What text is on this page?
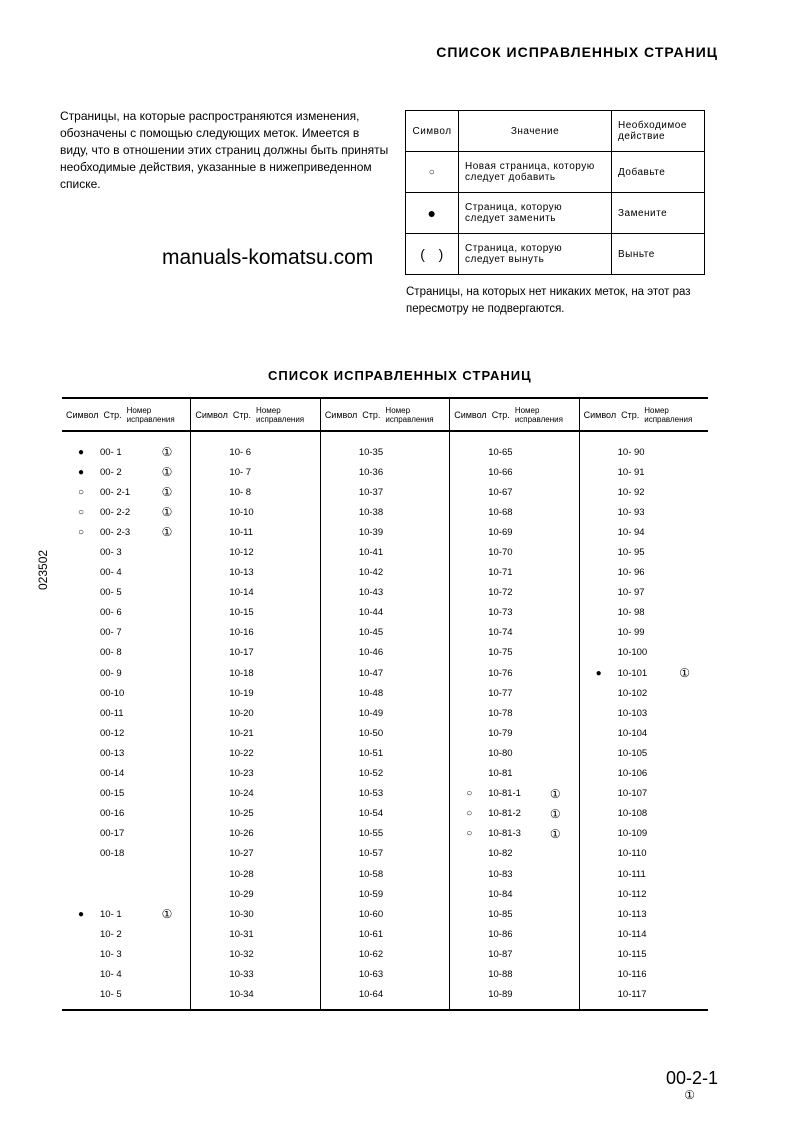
СПИСОК ИСПРАВЛЕННЫХ СТРАНИЦ
Страницы, на которые распространяются изменения, обозначены с помощью следующих меток. Имеется в виду, что в отношении этих страниц должны быть приняты необходимые действия, указанные в нижеприведенном списке.
Символ	Значение	Необходимое действие
○	Новая страница, которую следует добавить	Добавьте
●	Страница, которую следует заменить	Замените
(   )	Страница, которую следует вынуть	Выньте
manuals-komatsu.com
Страницы, на которых нет никаких меток, на этот раз пересмотру не подвергаются.
СПИСОК ИСПРАВЛЕННЫХ СТРАНИЦ
Символ Стр. Номер исправления
●	00- 1	①
●	00- 2	①
○	00- 2-1	①
○	00- 2-2	①
○	00- 2-3	①
00- 3
00- 4
00- 5
00- 6
00- 7
00- 8
00- 9
00-10
00-11
00-12
00-13
00-14
00-15
00-16
00-17
00-18
●	10- 1	①
10- 2
10- 3
10- 4
10- 5
Символ Стр. Номер исправления
10- 6
10- 7
10- 8
10-10
10-11
10-12
10-13
10-14
10-15
10-16
10-17
10-18
10-19
10-20
10-21
10-22
10-23
10-24
10-25
10-26
10-27
10-28
10-29
10-30
10-31
10-32
10-33
10-34
Символ Стр. Номер исправления
10-35
10-36
10-37
10-38
10-39
10-41
10-42
10-43
10-44
10-45
10-46
10-47
10-48
10-49
10-50
10-51
10-52
10-53
10-54
10-55
10-57
10-58
10-59
10-60
10-61
10-62
10-63
10-64
Символ Стр. Номер исправления
10-65
10-66
10-67
10-68
10-69
10-70
10-71
10-72
10-73
10-74
10-75
10-76
10-77
10-78
10-79
10-80
10-81
○	10-81-1	①
○	10-81-2	①
○	10-81-3	①
10-82
10-83
10-84
10-85
10-86
10-87
10-88
10-89
Символ Стр. Номер исправления
10- 90
10- 91
10- 92
10- 93
10- 94
10- 95
10- 96
10- 97
10- 98
10- 99
10-100
●	10-101	①
10-102
10-103
10-104
10-105
10-106
10-107
10-108
10-109
10-110
10-111
10-112
10-113
10-114
10-115
10-116
10-117
023502
00-2-1
①
